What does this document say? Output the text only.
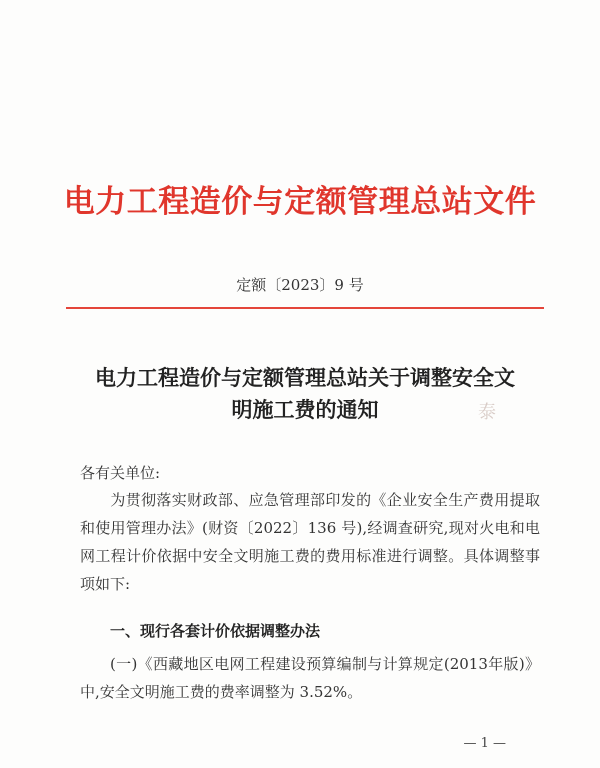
电力工程造价与定额管理总站文件
定额〔2023〕9 号
电力工程造价与定额管理总站关于调整安全文
明施工费的通知	泰
各有关单位:
为贯彻落实财政部、应急管理部印发的《企业安全生产费用提取和使用管理办法》(财资〔2022〕136 号),经调查研究,现对火电和电网工程计价依据中安全文明施工费的费用标准进行调整。具体调整事项如下:
一、现行各套计价依据调整办法
(一)《西藏地区电网工程建设预算编制与计算规定(2013年版)》中,安全文明施工费的费率调整为 3.52%。
— 1 —
